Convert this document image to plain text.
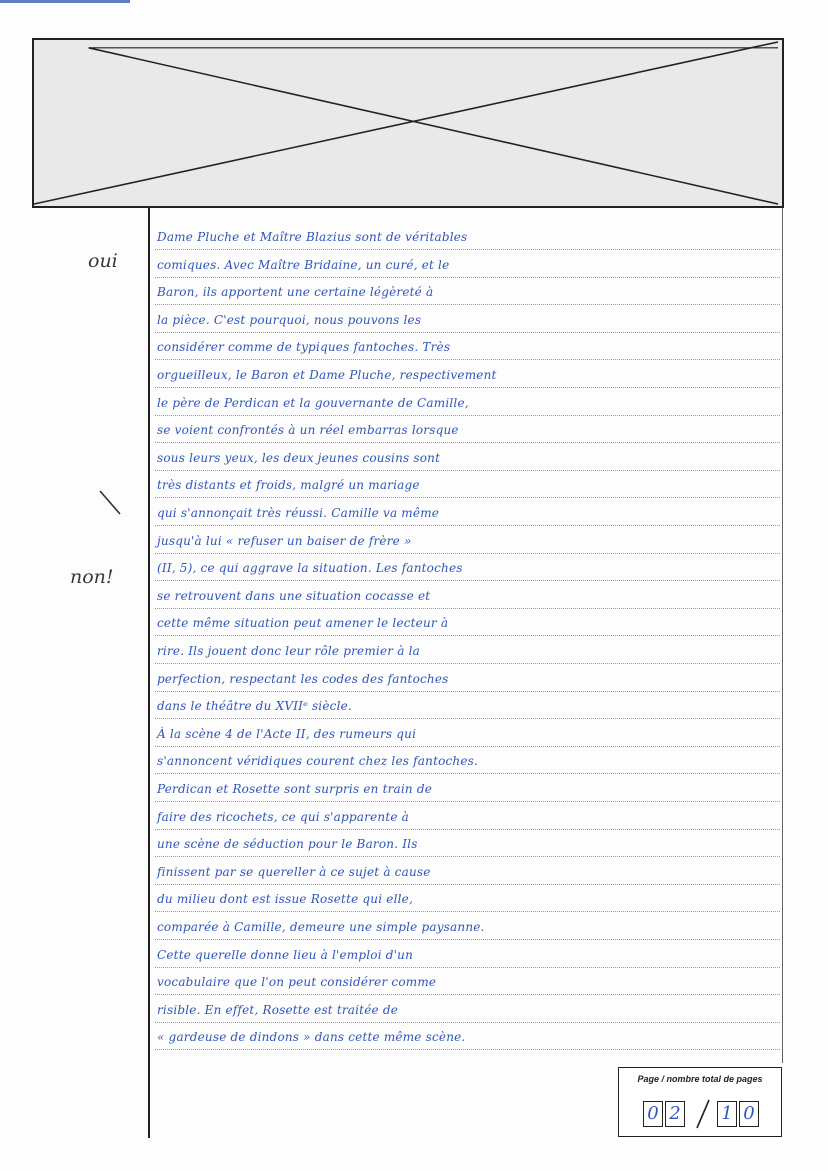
Dame Pluche et Maître Blazius sont de véritables
comiques. Avec Maître Bridaine, un curé, et le
Baron, ils apportent une certaine légèreté à
la pièce. C'est pourquoi, nous pouvons les
considérer comme de typiques fantoches. Très
orgueilleux, le Baron et Dame Pluche, respectivement
le père de Perdican et la gouvernante de Camille,
se voient confrontés à un réel embarras lorsque
sous leurs yeux, les deux jeunes cousins sont
très distants et froids, malgré un mariage
qui s'annonçait très réussi. Camille va même
jusqu'à lui « refuser un baiser de frère »
(II, 5), ce qui aggrave la situation. Les fantoches
se retrouvent dans une situation cocasse et
cette même situation peut amener le lecteur à
rire. Ils jouent donc leur rôle premier à la
perfection, respectant les codes des fantoches
dans le théâtre du XVIIᵉ siècle.
À la scène 4 de l'Acte II, des rumeurs qui
s'annoncent véridiques courent chez les fantoches.
Perdican et Rosette sont surpris en train de
faire des ricochets, ce qui s'apparente à
une scène de séduction pour le Baron. Ils
finissent par se quereller à ce sujet à cause
du milieu dont est issue Rosette qui elle,
comparée à Camille, demeure une simple paysanne.
Cette querelle donne lieu à l'emploi d'un
vocabulaire que l'on peut considérer comme
risible. En effet, Rosette est traitée de
« gardeuse de dindons » dans cette même scène.
oui
non!
Page / nombre total de pages
0 2 1 0
